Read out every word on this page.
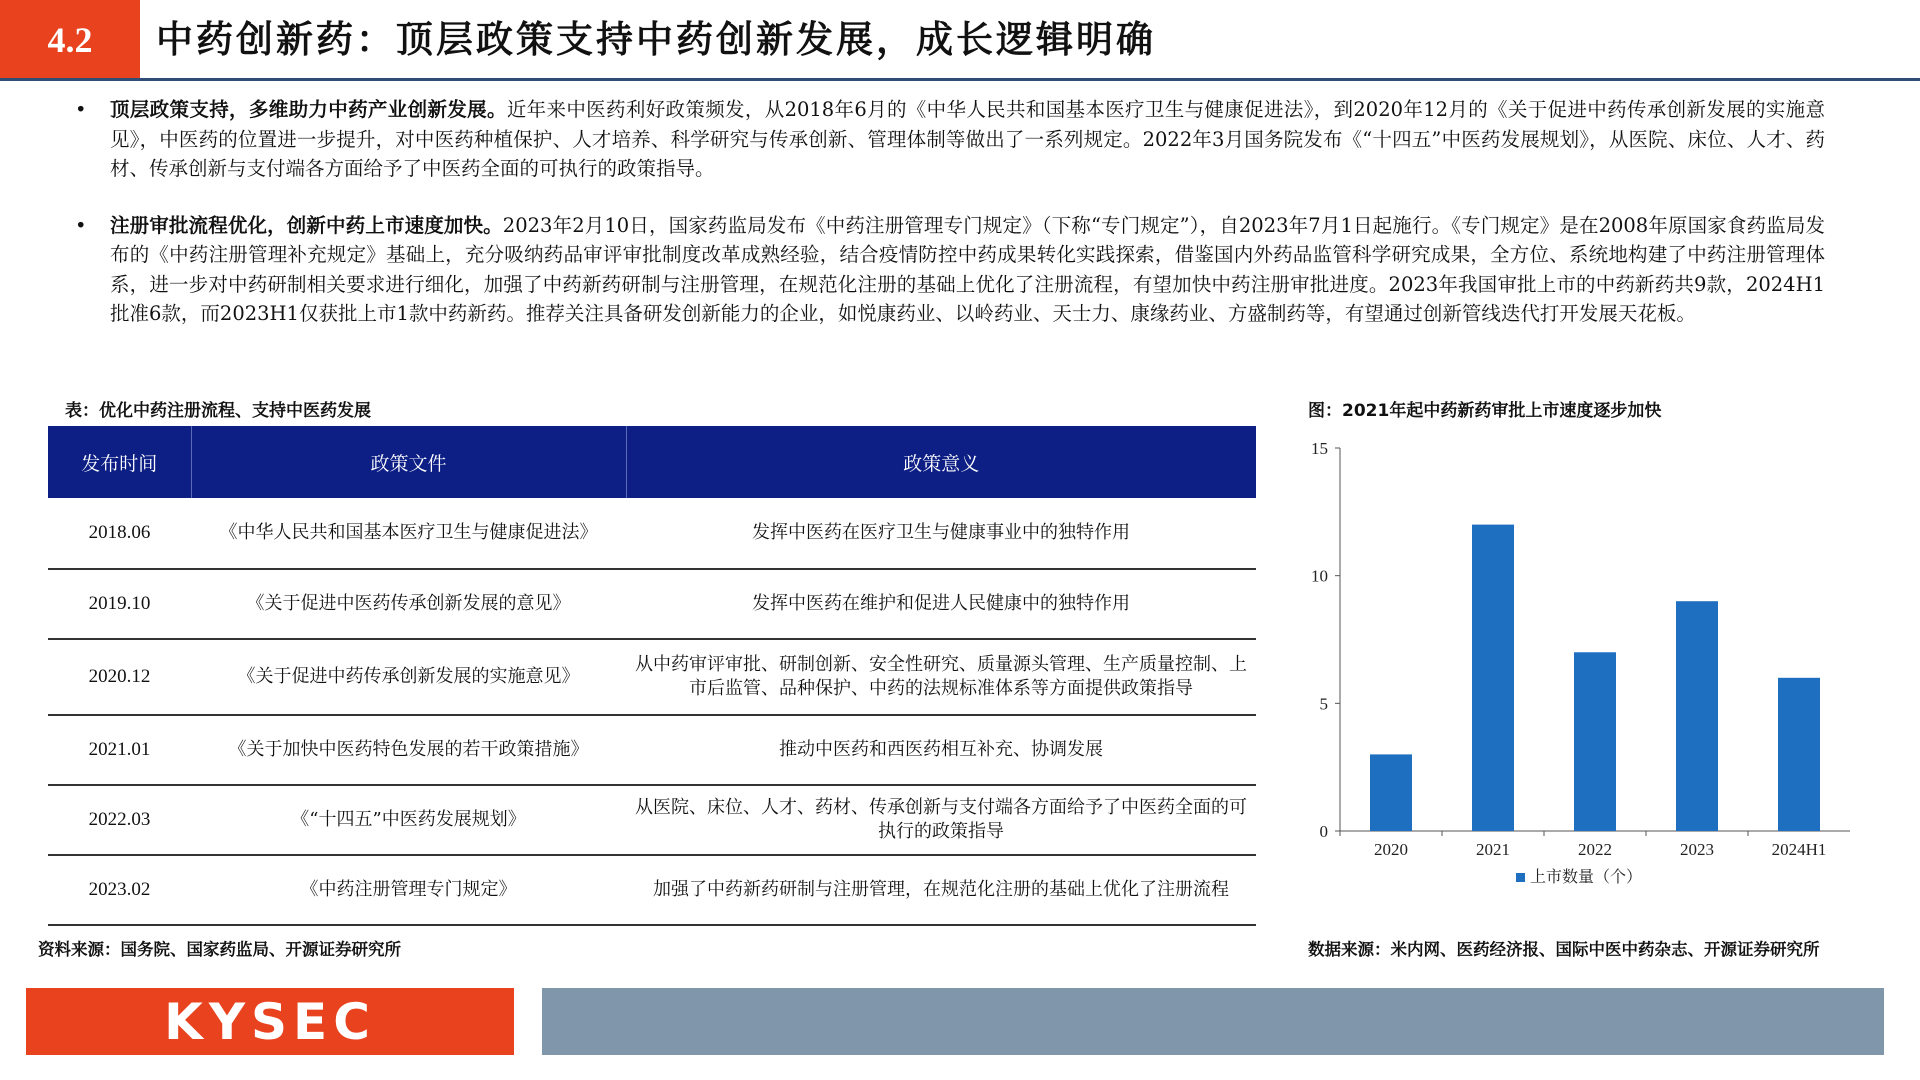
4.2	中药创新药：顶层政策支持中药创新发展，成长逻辑明确
• 顶层政策支持，多维助力中药产业创新发展。近年来中医药利好政策频发，从2018年6月的《中华人民共和国基本医疗卫生与健康促进法》，到2020年12月的《关于促进中药传承创新发展的实施意见》，中医药的位置进一步提升，对中医药种植保护、人才培养、科学研究与传承创新、管理体制等做出了一系列规定。2022年3月国务院发布《“十四五”中医药发展规划》，从医院、床位、人才、药材、传承创新与支付端各方面给予了中医药全面的可执行的政策指导。
• 注册审批流程优化，创新中药上市速度加快。2023年2月10日，国家药监局发布《中药注册管理专门规定》（下称“专门规定”），自2023年7月1日起施行。《专门规定》是在2008年原国家食药监局发布的《中药注册管理补充规定》基础上，充分吸纳药品审评审批制度改革成熟经验，结合疫情防控中药成果转化实践探索，借鉴国内外药品监管科学研究成果，全方位、系统地构建了中药注册管理体系，进一步对中药研制相关要求进行细化，加强了中药新药研制与注册管理，在规范化注册的基础上优化了注册流程，有望加快中药注册审批进度。2023年我国审批上市的中药新药共9款，2024H1批准6款，而2023H1仅获批上市1款中药新药。推荐关注具备研发创新能力的企业，如悦康药业、以岭药业、天士力、康缘药业、方盛制药等，有望通过创新管线迭代打开发展天花板。
表：优化中药注册流程、支持中医药发展
发布时间	政策文件	政策意义
2018.06	《中华人民共和国基本医疗卫生与健康促进法》	发挥中医药在医疗卫生与健康事业中的独特作用
2019.10	《关于促进中医药传承创新发展的意见》	发挥中医药在维护和促进人民健康中的独特作用
2020.12	《关于促进中药传承创新发展的实施意见》	从中药审评审批、研制创新、安全性研究、质量源头管理、生产质量控制、上市后监管、品种保护、中药的法规标准体系等方面提供政策指导
2021.01	《关于加快中医药特色发展的若干政策措施》	推动中医药和西医药相互补充、协调发展
2022.03	《“十四五”中医药发展规划》	从医院、床位、人才、药材、传承创新与支付端各方面给予了中医药全面的可执行的政策指导
2023.02	《中药注册管理专门规定》	加强了中药新药研制与注册管理，在规范化注册的基础上优化了注册流程
资料来源：国务院、国家药监局、开源证券研究所
图：2021年起中药新药审批上市速度逐步加快
0
5
10
15
2020	2021	2022	2023	2024H1
上市数量（个）
数据来源：米内网、医药经济报、国际中医中药杂志、开源证券研究所
KYSEC
